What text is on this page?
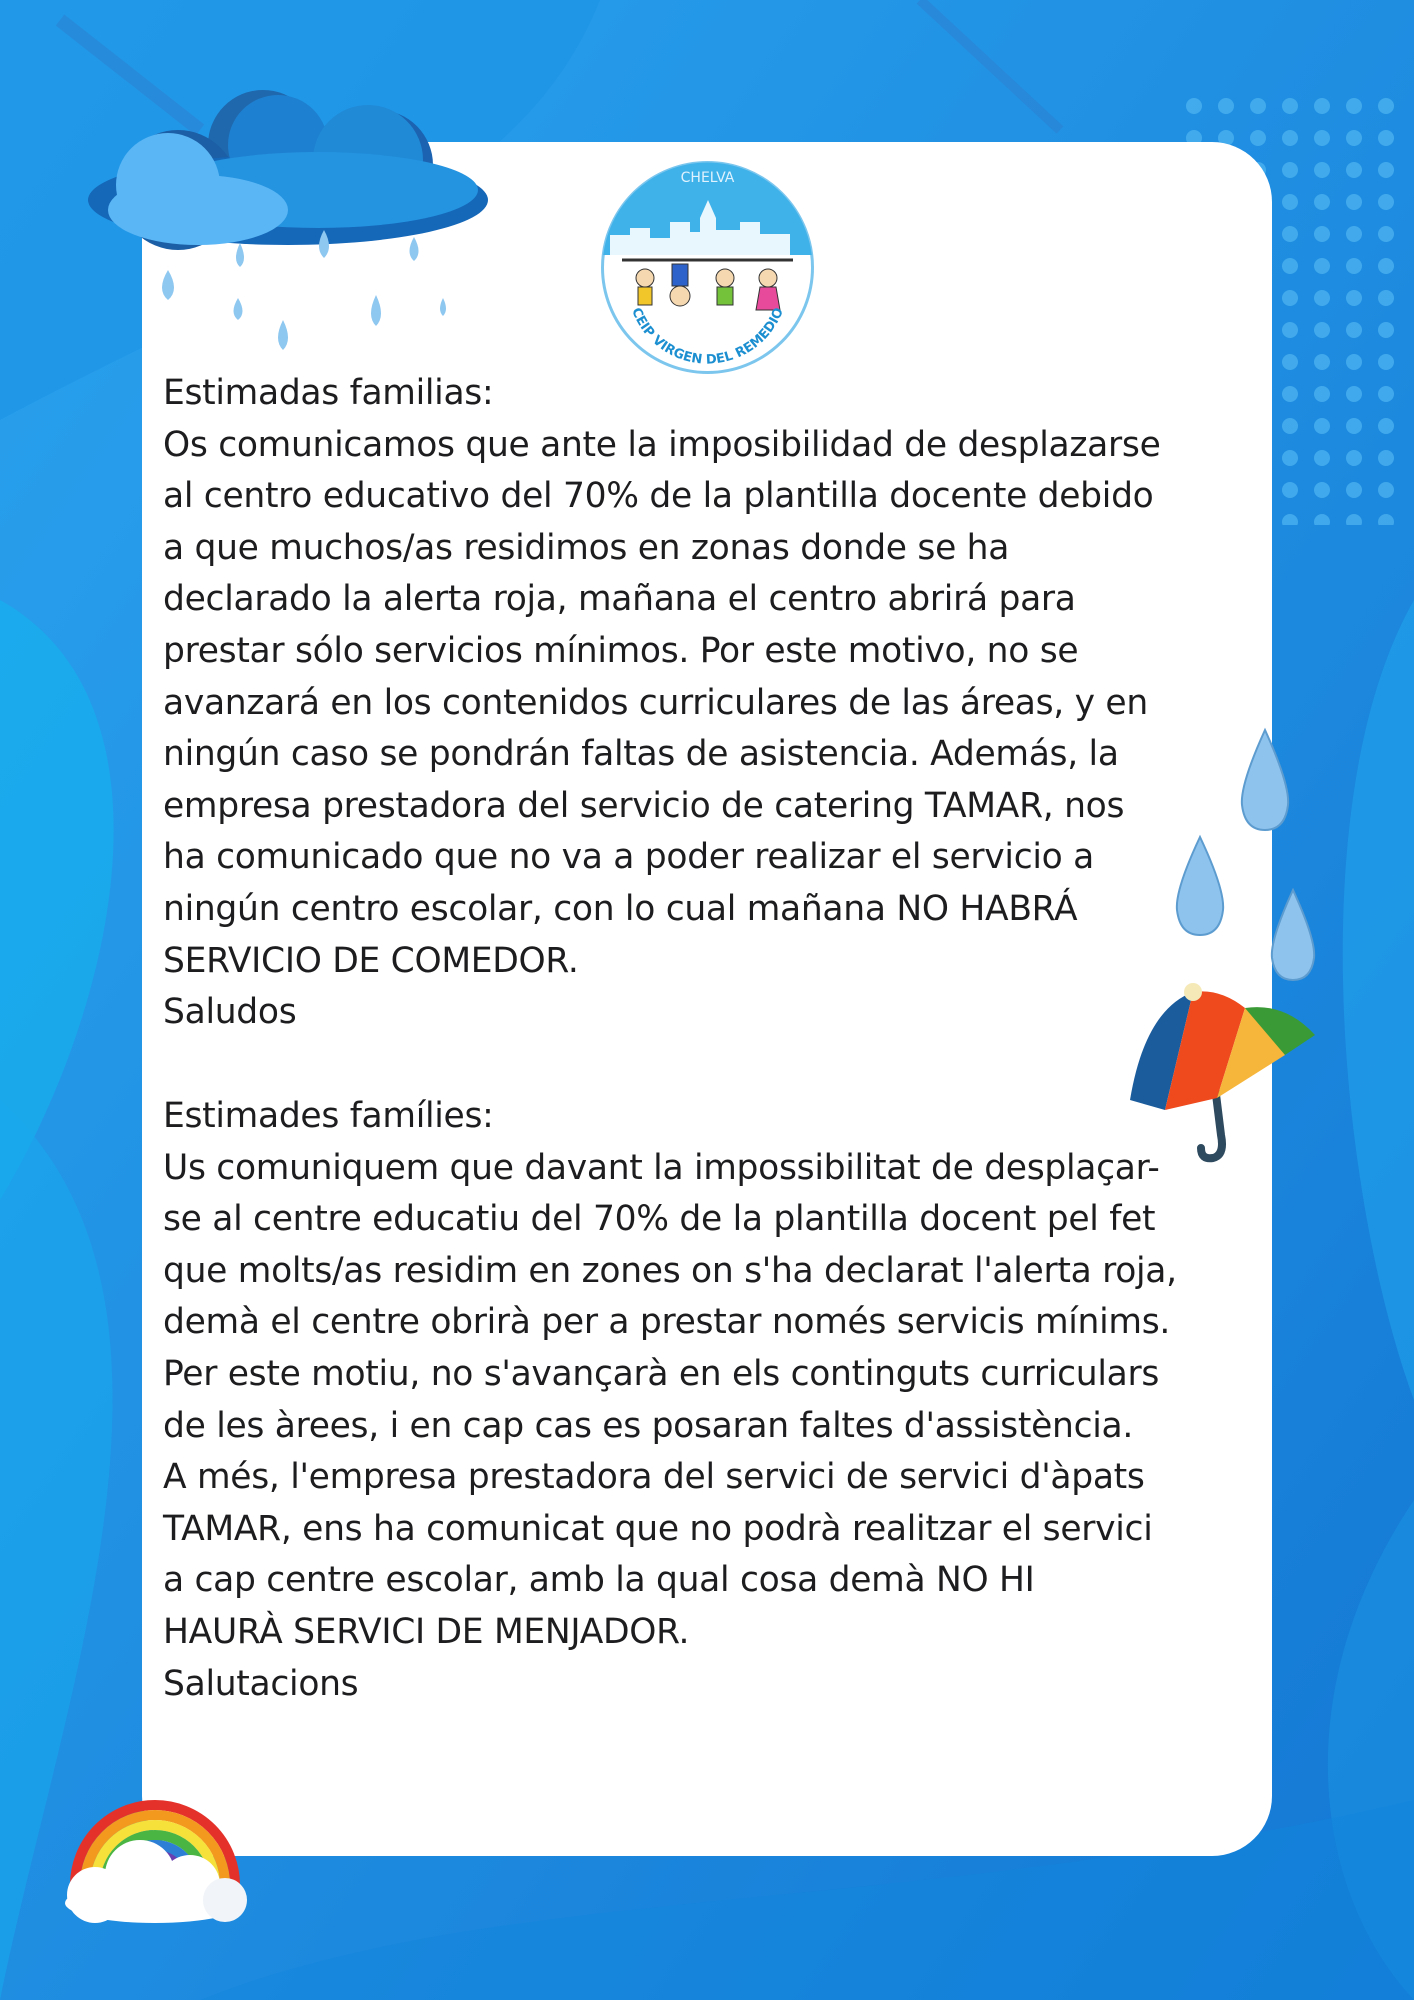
CHELVA
CEIP VIRGEN DEL REMEDIO
Estimadas familias:
Os comunicamos que ante la imposibilidad de desplazarse
al centro educativo del 70% de la plantilla docente debido
a que muchos/as residimos en zonas donde se ha
declarado la alerta roja, mañana el centro abrirá para
prestar sólo servicios mínimos. Por este motivo, no se
avanzará en los contenidos curriculares de las áreas, y en
ningún caso se pondrán faltas de asistencia. Además, la
empresa prestadora del servicio de catering TAMAR, nos
ha comunicado que no va a poder realizar el servicio a
ningún centro escolar, con lo cual mañana NO HABRÁ
SERVICIO DE COMEDOR.
Saludos
Estimades famílies:
Us comuniquem que davant la impossibilitat de desplaçar-
se al centre educatiu del 70% de la plantilla docent pel fet
que molts/as residim en zones on s'ha declarat l'alerta roja,
demà el centre obrirà per a prestar només servicis mínims.
Per este motiu, no s'avançarà en els continguts curriculars
de les àrees, i en cap cas es posaran faltes d'assistència.
A més, l'empresa prestadora del servici de servici d'àpats
TAMAR, ens ha comunicat que no podrà realitzar el servici
a cap centre escolar, amb la qual cosa demà NO HI
HAURÀ SERVICI DE MENJADOR.
Salutacions
